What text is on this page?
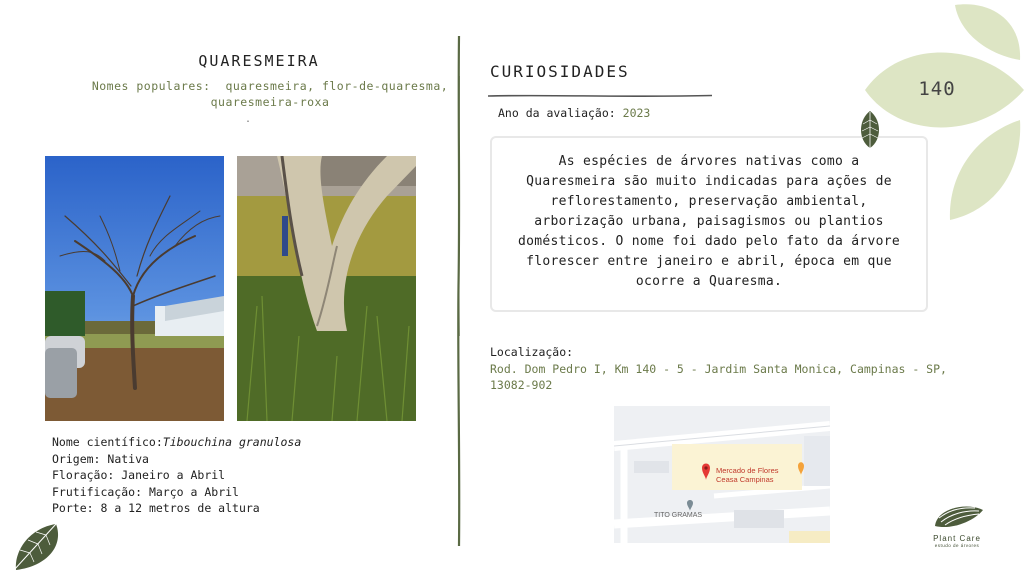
QUARESMEIRA
Nomes populares: quaresmeira, flor-de-quaresma, quaresmeira-roxa
.
Nome científico:Tibouchina granulosa
Origem: Nativa
Floração: Janeiro a Abril
Frutificação: Março a Abril
Porte: 8 a 12 metros de altura
CURIOSIDADES
Ano da avaliação: 2023
As espécies de árvores nativas como a Quaresmeira são muito indicadas para ações de reflorestamento, preservação ambiental, arborização urbana, paisagismos ou plantios domésticos. O nome foi dado pelo fato da árvore florescer entre janeiro e abril, época em que ocorre a Quaresma.
Localização:
Rod. Dom Pedro I, Km 140 - 5 - Jardim Santa Monica, Campinas - SP, 13082-902
Mercado de Flores
Ceasa Campinas
TITO GRAMAS
140
Plant Care
estudo de árvores
